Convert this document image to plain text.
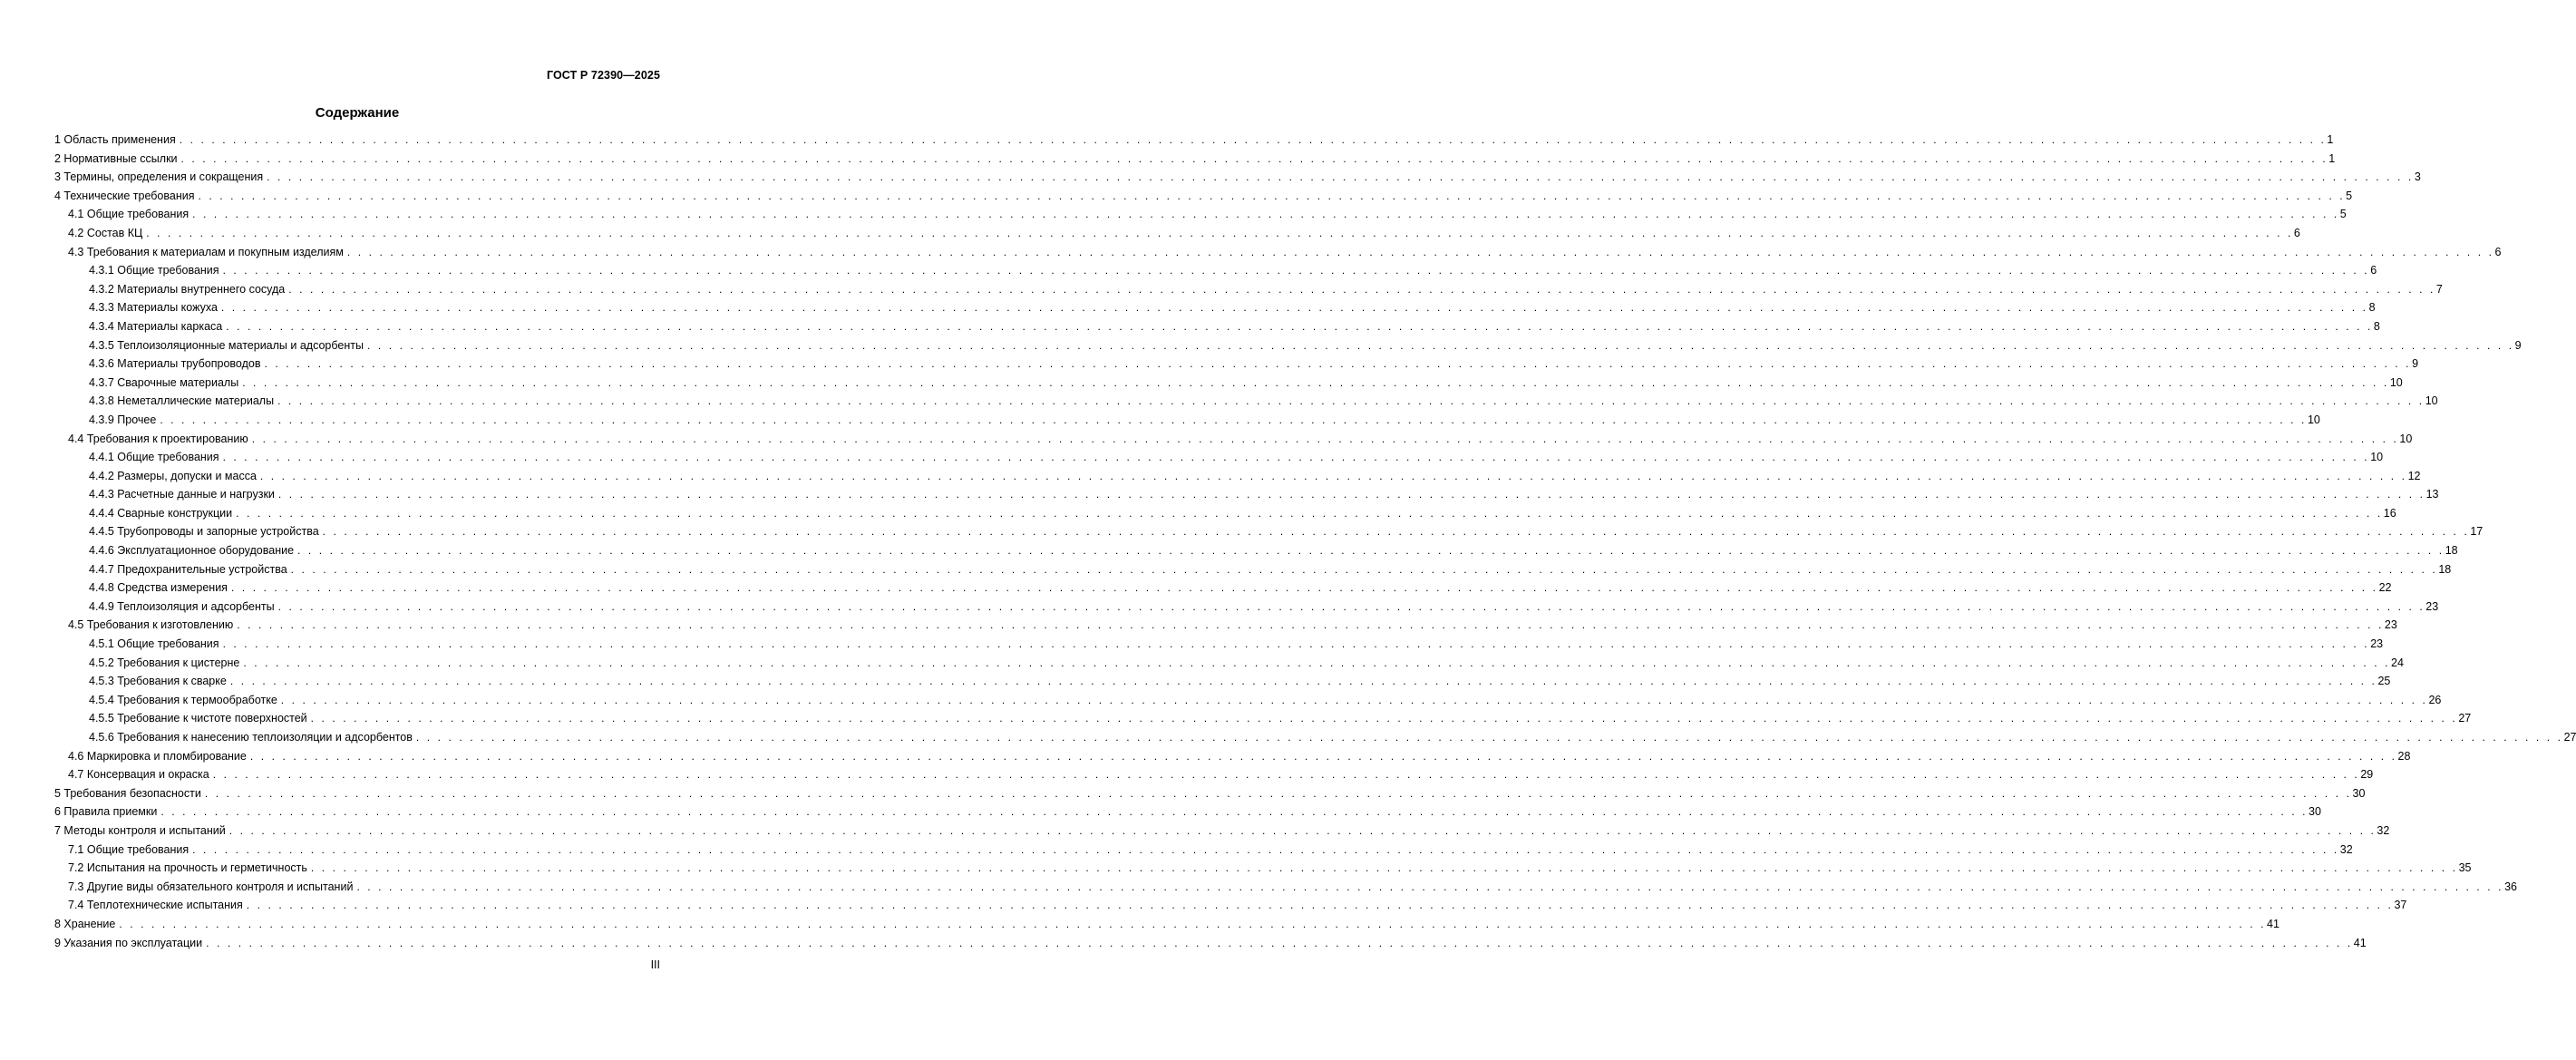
ГОСТ Р 72390—2025
Содержание
1 Область применения . . . . . . . . . . . . . . . . . . . . . . . . . . . . . . . . . . . . . . . . . . . . . . . . . . . . . . . . . . . . . . . . . . . . . . . . . . . . . . . . . . . . . . . . . . . . . . . . . . . . . . . . . . . . . . . . . . . . . . . . . . . . . . . . . . . . . . . . . . . . . . . . . . . . . . . . . . . . . . . . . . . . . . . . . . . . . . . . . . . . . . . . . . . . . . . . . . . . . . . . 1
2 Нормативные ссылки . . . . . . . . . . . . . . . . . . . . . . . . . . . . . . . . . . . . . . . . . . . . . . . . . . . . . . . . . . . . . . . . . . . . . . . . . . . . . . . . . . . . . . . . . . . . . . . . . . . . . . . . . . . . . . . . . . . . . . . . . . . . . . . . . . . . . . . . . . . . . . . . . . . . . . . . . . . . . . . . . . . . . . . . . . . . . . . . . . . . . . . . . . . . . . . . . . . . . . . . 1
3 Термины, определения и сокращения . . . . . . . . . . . . . . . . . . . . . . . . . . . . . . . . . . . . . . . . . . . . . . . . . . . . . . . . . . . . . . . . . . . . . . . . . . . . . . . . . . . . . . . . . . . . . . . . . . . . . . . . . . . . . . . . . . . . . . . . . . . . . . . . . . . . . . . . . . . . . . . . . . . . . . . . . . . . . . . . . . . . . . . . . . . . . . . . . . . . . . . . . . . . . . . . . . . . . . . . 3
4 Технические требования . . . . . . . . . . . . . . . . . . . . . . . . . . . . . . . . . . . . . . . . . . . . . . . . . . . . . . . . . . . . . . . . . . . . . . . . . . . . . . . . . . . . . . . . . . . . . . . . . . . . . . . . . . . . . . . . . . . . . . . . . . . . . . . . . . . . . . . . . . . . . . . . . . . . . . . . . . . . . . . . . . . . . . . . . . . . . . . . . . . . . . . . . . . . . . . . . . . . . . . . 5
4.1 Общие требования . . . . . . . . . . . . . . . . . . . . . . . . . . . . . . . . . . . . . . . . . . . . . . . . . . . . . . . . . . . . . . . . . . . . . . . . . . . . . . . . . . . . . . . . . . . . . . . . . . . . . . . . . . . . . . . . . . . . . . . . . . . . . . . . . . . . . . . . . . . . . . . . . . . . . . . . . . . . . . . . . . . . . . . . . . . . . . . . . . . . . . . . . . . . . . . . . . . . . . . . 5
4.2 Состав КЦ . . . . . . . . . . . . . . . . . . . . . . . . . . . . . . . . . . . . . . . . . . . . . . . . . . . . . . . . . . . . . . . . . . . . . . . . . . . . . . . . . . . . . . . . . . . . . . . . . . . . . . . . . . . . . . . . . . . . . . . . . . . . . . . . . . . . . . . . . . . . . . . . . . . . . . . . . . . . . . . . . . . . . . . . . . . . . . . . . . . . . . . . . . . . . . . . . . . . . . . . 6
4.3 Требования к материалам и покупным изделиям . . . . . . . . . . . . . . . . . . . . . . . . . . . . . . . . . . . . . . . . . . . . . . . . . . . . . . . . . . . . . . . . . . . . . . . . . . . . . . . . . . . . . . . . . . . . . . . . . . . . . . . . . . . . . . . . . . . . . . . . . . . . . . . . . . . . . . . . . . . . . . . . . . . . . . . . . . . . . . . . . . . . . . . . . . . . . . . . . . . . . . . . . . . . . . . . . . . . . . . . 6
4.3.1 Общие требования . . . . . . . . . . . . . . . . . . . . . . . . . . . . . . . . . . . . . . . . . . . . . . . . . . . . . . . . . . . . . . . . . . . . . . . . . . . . . . . . . . . . . . . . . . . . . . . . . . . . . . . . . . . . . . . . . . . . . . . . . . . . . . . . . . . . . . . . . . . . . . . . . . . . . . . . . . . . . . . . . . . . . . . . . . . . . . . . . . . . . . . . . . . . . . . . . . . . . . . . 6
4.3.2 Материалы внутреннего сосуда . . . . . . . . . . . . . . . . . . . . . . . . . . . . . . . . . . . . . . . . . . . . . . . . . . . . . . . . . . . . . . . . . . . . . . . . . . . . . . . . . . . . . . . . . . . . . . . . . . . . . . . . . . . . . . . . . . . . . . . . . . . . . . . . . . . . . . . . . . . . . . . . . . . . . . . . . . . . . . . . . . . . . . . . . . . . . . . . . . . . . . . . . . . . . . . . . . . . . . . . 7
4.3.3 Материалы кожуха . . . . . . . . . . . . . . . . . . . . . . . . . . . . . . . . . . . . . . . . . . . . . . . . . . . . . . . . . . . . . . . . . . . . . . . . . . . . . . . . . . . . . . . . . . . . . . . . . . . . . . . . . . . . . . . . . . . . . . . . . . . . . . . . . . . . . . . . . . . . . . . . . . . . . . . . . . . . . . . . . . . . . . . . . . . . . . . . . . . . . . . . . . . . . . . . . . . . . . . . 8
4.3.4 Материалы каркаса . . . . . . . . . . . . . . . . . . . . . . . . . . . . . . . . . . . . . . . . . . . . . . . . . . . . . . . . . . . . . . . . . . . . . . . . . . . . . . . . . . . . . . . . . . . . . . . . . . . . . . . . . . . . . . . . . . . . . . . . . . . . . . . . . . . . . . . . . . . . . . . . . . . . . . . . . . . . . . . . . . . . . . . . . . . . . . . . . . . . . . . . . . . . . . . . . . . . . . . . 8
4.3.5 Теплоизоляционные материалы и адсорбенты . . . . . . . . . . . . . . . . . . . . . . . . . . . . . . . . . . . . . . . . . . . . . . . . . . . . . . . . . . . . . . . . . . . . . . . . . . . . . . . . . . . . . . . . . . . . . . . . . . . . . . . . . . . . . . . . . . . . . . . . . . . . . . . . . . . . . . . . . . . . . . . . . . . . . . . . . . . . . . . . . . . . . . . . . . . . . . . . . . . . . . . . . . . . . . . . . . . . . . . . 9
4.3.6 Материалы трубопроводов . . . . . . . . . . . . . . . . . . . . . . . . . . . . . . . . . . . . . . . . . . . . . . . . . . . . . . . . . . . . . . . . . . . . . . . . . . . . . . . . . . . . . . . . . . . . . . . . . . . . . . . . . . . . . . . . . . . . . . . . . . . . . . . . . . . . . . . . . . . . . . . . . . . . . . . . . . . . . . . . . . . . . . . . . . . . . . . . . . . . . . . . . . . . . . . . . . . . . . . . 9
4.3.7 Сварочные материалы . . . . . . . . . . . . . . . . . . . . . . . . . . . . . . . . . . . . . . . . . . . . . . . . . . . . . . . . . . . . . . . . . . . . . . . . . . . . . . . . . . . . . . . . . . . . . . . . . . . . . . . . . . . . . . . . . . . . . . . . . . . . . . . . . . . . . . . . . . . . . . . . . . . . . . . . . . . . . . . . . . . . . . . . . . . . . . . . . . . . . . . . . . . . . . . . . . . . . . . . 10
4.3.8 Неметаллические материалы . . . . . . . . . . . . . . . . . . . . . . . . . . . . . . . . . . . . . . . . . . . . . . . . . . . . . . . . . . . . . . . . . . . . . . . . . . . . . . . . . . . . . . . . . . . . . . . . . . . . . . . . . . . . . . . . . . . . . . . . . . . . . . . . . . . . . . . . . . . . . . . . . . . . . . . . . . . . . . . . . . . . . . . . . . . . . . . . . . . . . . . . . . . . . . . . . . . . . . . . 10
4.3.9 Прочее . . . . . . . . . . . . . . . . . . . . . . . . . . . . . . . . . . . . . . . . . . . . . . . . . . . . . . . . . . . . . . . . . . . . . . . . . . . . . . . . . . . . . . . . . . . . . . . . . . . . . . . . . . . . . . . . . . . . . . . . . . . . . . . . . . . . . . . . . . . . . . . . . . . . . . . . . . . . . . . . . . . . . . . . . . . . . . . . . . . . . . . . . . . . . . . . . . . . . . . . 10
4.4 Требования к проектированию . . . . . . . . . . . . . . . . . . . . . . . . . . . . . . . . . . . . . . . . . . . . . . . . . . . . . . . . . . . . . . . . . . . . . . . . . . . . . . . . . . . . . . . . . . . . . . . . . . . . . . . . . . . . . . . . . . . . . . . . . . . . . . . . . . . . . . . . . . . . . . . . . . . . . . . . . . . . . . . . . . . . . . . . . . . . . . . . . . . . . . . . . . . . . . . . . . . . . . . . 10
4.4.1 Общие требования . . . . . . . . . . . . . . . . . . . . . . . . . . . . . . . . . . . . . . . . . . . . . . . . . . . . . . . . . . . . . . . . . . . . . . . . . . . . . . . . . . . . . . . . . . . . . . . . . . . . . . . . . . . . . . . . . . . . . . . . . . . . . . . . . . . . . . . . . . . . . . . . . . . . . . . . . . . . . . . . . . . . . . . . . . . . . . . . . . . . . . . . . . . . . . . . . . . . . . . . 10
4.4.2 Размеры, допуски и масса . . . . . . . . . . . . . . . . . . . . . . . . . . . . . . . . . . . . . . . . . . . . . . . . . . . . . . . . . . . . . . . . . . . . . . . . . . . . . . . . . . . . . . . . . . . . . . . . . . . . . . . . . . . . . . . . . . . . . . . . . . . . . . . . . . . . . . . . . . . . . . . . . . . . . . . . . . . . . . . . . . . . . . . . . . . . . . . . . . . . . . . . . . . . . . . . . . . . . . . . 12
4.4.3 Расчетные данные и нагрузки . . . . . . . . . . . . . . . . . . . . . . . . . . . . . . . . . . . . . . . . . . . . . . . . . . . . . . . . . . . . . . . . . . . . . . . . . . . . . . . . . . . . . . . . . . . . . . . . . . . . . . . . . . . . . . . . . . . . . . . . . . . . . . . . . . . . . . . . . . . . . . . . . . . . . . . . . . . . . . . . . . . . . . . . . . . . . . . . . . . . . . . . . . . . . . . . . . . . . . . . 13
4.4.4 Сварные конструкции . . . . . . . . . . . . . . . . . . . . . . . . . . . . . . . . . . . . . . . . . . . . . . . . . . . . . . . . . . . . . . . . . . . . . . . . . . . . . . . . . . . . . . . . . . . . . . . . . . . . . . . . . . . . . . . . . . . . . . . . . . . . . . . . . . . . . . . . . . . . . . . . . . . . . . . . . . . . . . . . . . . . . . . . . . . . . . . . . . . . . . . . . . . . . . . . . . . . . . . . 16
4.4.5 Трубопроводы и запорные устройства . . . . . . . . . . . . . . . . . . . . . . . . . . . . . . . . . . . . . . . . . . . . . . . . . . . . . . . . . . . . . . . . . . . . . . . . . . . . . . . . . . . . . . . . . . . . . . . . . . . . . . . . . . . . . . . . . . . . . . . . . . . . . . . . . . . . . . . . . . . . . . . . . . . . . . . . . . . . . . . . . . . . . . . . . . . . . . . . . . . . . . . . . . . . . . . . . . . . . . . . 17
4.4.6 Эксплуатационное оборудование . . . . . . . . . . . . . . . . . . . . . . . . . . . . . . . . . . . . . . . . . . . . . . . . . . . . . . . . . . . . . . . . . . . . . . . . . . . . . . . . . . . . . . . . . . . . . . . . . . . . . . . . . . . . . . . . . . . . . . . . . . . . . . . . . . . . . . . . . . . . . . . . . . . . . . . . . . . . . . . . . . . . . . . . . . . . . . . . . . . . . . . . . . . . . . . . . . . . . . . . 18
4.4.7 Предохранительные устройства . . . . . . . . . . . . . . . . . . . . . . . . . . . . . . . . . . . . . . . . . . . . . . . . . . . . . . . . . . . . . . . . . . . . . . . . . . . . . . . . . . . . . . . . . . . . . . . . . . . . . . . . . . . . . . . . . . . . . . . . . . . . . . . . . . . . . . . . . . . . . . . . . . . . . . . . . . . . . . . . . . . . . . . . . . . . . . . . . . . . . . . . . . . . . . . . . . . . . . . . 18
4.4.8 Средства измерения . . . . . . . . . . . . . . . . . . . . . . . . . . . . . . . . . . . . . . . . . . . . . . . . . . . . . . . . . . . . . . . . . . . . . . . . . . . . . . . . . . . . . . . . . . . . . . . . . . . . . . . . . . . . . . . . . . . . . . . . . . . . . . . . . . . . . . . . . . . . . . . . . . . . . . . . . . . . . . . . . . . . . . . . . . . . . . . . . . . . . . . . . . . . . . . . . . . . . . . . 22
4.4.9 Теплоизоляция и адсорбенты . . . . . . . . . . . . . . . . . . . . . . . . . . . . . . . . . . . . . . . . . . . . . . . . . . . . . . . . . . . . . . . . . . . . . . . . . . . . . . . . . . . . . . . . . . . . . . . . . . . . . . . . . . . . . . . . . . . . . . . . . . . . . . . . . . . . . . . . . . . . . . . . . . . . . . . . . . . . . . . . . . . . . . . . . . . . . . . . . . . . . . . . . . . . . . . . . . . . . . . . 23
4.5 Требования к изготовлению . . . . . . . . . . . . . . . . . . . . . . . . . . . . . . . . . . . . . . . . . . . . . . . . . . . . . . . . . . . . . . . . . . . . . . . . . . . . . . . . . . . . . . . . . . . . . . . . . . . . . . . . . . . . . . . . . . . . . . . . . . . . . . . . . . . . . . . . . . . . . . . . . . . . . . . . . . . . . . . . . . . . . . . . . . . . . . . . . . . . . . . . . . . . . . . . . . . . . . . . 23
4.5.1 Общие требования . . . . . . . . . . . . . . . . . . . . . . . . . . . . . . . . . . . . . . . . . . . . . . . . . . . . . . . . . . . . . . . . . . . . . . . . . . . . . . . . . . . . . . . . . . . . . . . . . . . . . . . . . . . . . . . . . . . . . . . . . . . . . . . . . . . . . . . . . . . . . . . . . . . . . . . . . . . . . . . . . . . . . . . . . . . . . . . . . . . . . . . . . . . . . . . . . . . . . . . . 23
4.5.2 Требования к цистерне . . . . . . . . . . . . . . . . . . . . . . . . . . . . . . . . . . . . . . . . . . . . . . . . . . . . . . . . . . . . . . . . . . . . . . . . . . . . . . . . . . . . . . . . . . . . . . . . . . . . . . . . . . . . . . . . . . . . . . . . . . . . . . . . . . . . . . . . . . . . . . . . . . . . . . . . . . . . . . . . . . . . . . . . . . . . . . . . . . . . . . . . . . . . . . . . . . . . . . . . 24
4.5.3 Требования к сварке . . . . . . . . . . . . . . . . . . . . . . . . . . . . . . . . . . . . . . . . . . . . . . . . . . . . . . . . . . . . . . . . . . . . . . . . . . . . . . . . . . . . . . . . . . . . . . . . . . . . . . . . . . . . . . . . . . . . . . . . . . . . . . . . . . . . . . . . . . . . . . . . . . . . . . . . . . . . . . . . . . . . . . . . . . . . . . . . . . . . . . . . . . . . . . . . . . . . . . . . 25
4.5.4 Требования к термообработке . . . . . . . . . . . . . . . . . . . . . . . . . . . . . . . . . . . . . . . . . . . . . . . . . . . . . . . . . . . . . . . . . . . . . . . . . . . . . . . . . . . . . . . . . . . . . . . . . . . . . . . . . . . . . . . . . . . . . . . . . . . . . . . . . . . . . . . . . . . . . . . . . . . . . . . . . . . . . . . . . . . . . . . . . . . . . . . . . . . . . . . . . . . . . . . . . . . . . . . . 26
4.5.5 Требование к чистоте поверхностей . . . . . . . . . . . . . . . . . . . . . . . . . . . . . . . . . . . . . . . . . . . . . . . . . . . . . . . . . . . . . . . . . . . . . . . . . . . . . . . . . . . . . . . . . . . . . . . . . . . . . . . . . . . . . . . . . . . . . . . . . . . . . . . . . . . . . . . . . . . . . . . . . . . . . . . . . . . . . . . . . . . . . . . . . . . . . . . . . . . . . . . . . . . . . . . . . . . . . . . . 27
4.5.6 Требования к нанесению теплоизоляции и адсорбентов . . . . . . . . . . . . . . . . . . . . . . . . . . . . . . . . . . . . . . . . . . . . . . . . . . . . . . . . . . . . . . . . . . . . . . . . . . . . . . . . . . . . . . . . . . . . . . . . . . . . . . . . . . . . . . . . . . . . . . . . . . . . . . . . . . . . . . . . . . . . . . . . . . . . . . . . . . . . . . . . . . . . . . . . . . . . . . . . . . . . . . . . . . . . . . . . . . . . . . . . 27
4.6 Маркировка и пломбирование . . . . . . . . . . . . . . . . . . . . . . . . . . . . . . . . . . . . . . . . . . . . . . . . . . . . . . . . . . . . . . . . . . . . . . . . . . . . . . . . . . . . . . . . . . . . . . . . . . . . . . . . . . . . . . . . . . . . . . . . . . . . . . . . . . . . . . . . . . . . . . . . . . . . . . . . . . . . . . . . . . . . . . . . . . . . . . . . . . . . . . . . . . . . . . . . . . . . . . . . 28
4.7 Консервация и окраска . . . . . . . . . . . . . . . . . . . . . . . . . . . . . . . . . . . . . . . . . . . . . . . . . . . . . . . . . . . . . . . . . . . . . . . . . . . . . . . . . . . . . . . . . . . . . . . . . . . . . . . . . . . . . . . . . . . . . . . . . . . . . . . . . . . . . . . . . . . . . . . . . . . . . . . . . . . . . . . . . . . . . . . . . . . . . . . . . . . . . . . . . . . . . . . . . . . . . . . . 29
5 Требования безопасности . . . . . . . . . . . . . . . . . . . . . . . . . . . . . . . . . . . . . . . . . . . . . . . . . . . . . . . . . . . . . . . . . . . . . . . . . . . . . . . . . . . . . . . . . . . . . . . . . . . . . . . . . . . . . . . . . . . . . . . . . . . . . . . . . . . . . . . . . . . . . . . . . . . . . . . . . . . . . . . . . . . . . . . . . . . . . . . . . . . . . . . . . . . . . . . . . . . . . . . . 30
6 Правила приемки . . . . . . . . . . . . . . . . . . . . . . . . . . . . . . . . . . . . . . . . . . . . . . . . . . . . . . . . . . . . . . . . . . . . . . . . . . . . . . . . . . . . . . . . . . . . . . . . . . . . . . . . . . . . . . . . . . . . . . . . . . . . . . . . . . . . . . . . . . . . . . . . . . . . . . . . . . . . . . . . . . . . . . . . . . . . . . . . . . . . . . . . . . . . . . . . . . . . . . . . 30
7 Методы контроля и испытаний . . . . . . . . . . . . . . . . . . . . . . . . . . . . . . . . . . . . . . . . . . . . . . . . . . . . . . . . . . . . . . . . . . . . . . . . . . . . . . . . . . . . . . . . . . . . . . . . . . . . . . . . . . . . . . . . . . . . . . . . . . . . . . . . . . . . . . . . . . . . . . . . . . . . . . . . . . . . . . . . . . . . . . . . . . . . . . . . . . . . . . . . . . . . . . . . . . . . . . . . 32
7.1 Общие требования . . . . . . . . . . . . . . . . . . . . . . . . . . . . . . . . . . . . . . . . . . . . . . . . . . . . . . . . . . . . . . . . . . . . . . . . . . . . . . . . . . . . . . . . . . . . . . . . . . . . . . . . . . . . . . . . . . . . . . . . . . . . . . . . . . . . . . . . . . . . . . . . . . . . . . . . . . . . . . . . . . . . . . . . . . . . . . . . . . . . . . . . . . . . . . . . . . . . . . . . 32
7.2 Испытания на прочность и герметичность . . . . . . . . . . . . . . . . . . . . . . . . . . . . . . . . . . . . . . . . . . . . . . . . . . . . . . . . . . . . . . . . . . . . . . . . . . . . . . . . . . . . . . . . . . . . . . . . . . . . . . . . . . . . . . . . . . . . . . . . . . . . . . . . . . . . . . . . . . . . . . . . . . . . . . . . . . . . . . . . . . . . . . . . . . . . . . . . . . . . . . . . . . . . . . . . . . . . . . . . 35
7.3 Другие виды обязательного контроля и испытаний . . . . . . . . . . . . . . . . . . . . . . . . . . . . . . . . . . . . . . . . . . . . . . . . . . . . . . . . . . . . . . . . . . . . . . . . . . . . . . . . . . . . . . . . . . . . . . . . . . . . . . . . . . . . . . . . . . . . . . . . . . . . . . . . . . . . . . . . . . . . . . . . . . . . . . . . . . . . . . . . . . . . . . . . . . . . . . . . . . . . . . . . . . . . . . . . . . . . . . . . 36
7.4 Теплотехнические испытания . . . . . . . . . . . . . . . . . . . . . . . . . . . . . . . . . . . . . . . . . . . . . . . . . . . . . . . . . . . . . . . . . . . . . . . . . . . . . . . . . . . . . . . . . . . . . . . . . . . . . . . . . . . . . . . . . . . . . . . . . . . . . . . . . . . . . . . . . . . . . . . . . . . . . . . . . . . . . . . . . . . . . . . . . . . . . . . . . . . . . . . . . . . . . . . . . . . . . . . . 37
8 Хранение . . . . . . . . . . . . . . . . . . . . . . . . . . . . . . . . . . . . . . . . . . . . . . . . . . . . . . . . . . . . . . . . . . . . . . . . . . . . . . . . . . . . . . . . . . . . . . . . . . . . . . . . . . . . . . . . . . . . . . . . . . . . . . . . . . . . . . . . . . . . . . . . . . . . . . . . . . . . . . . . . . . . . . . . . . . . . . . . . . . . . . . . . . . . . . . . . . . . . . . . 41
9 Указания по эксплуатации . . . . . . . . . . . . . . . . . . . . . . . . . . . . . . . . . . . . . . . . . . . . . . . . . . . . . . . . . . . . . . . . . . . . . . . . . . . . . . . . . . . . . . . . . . . . . . . . . . . . . . . . . . . . . . . . . . . . . . . . . . . . . . . . . . . . . . . . . . . . . . . . . . . . . . . . . . . . . . . . . . . . . . . . . . . . . . . . . . . . . . . . . . . . . . . . . . . . . . . . 41
III
